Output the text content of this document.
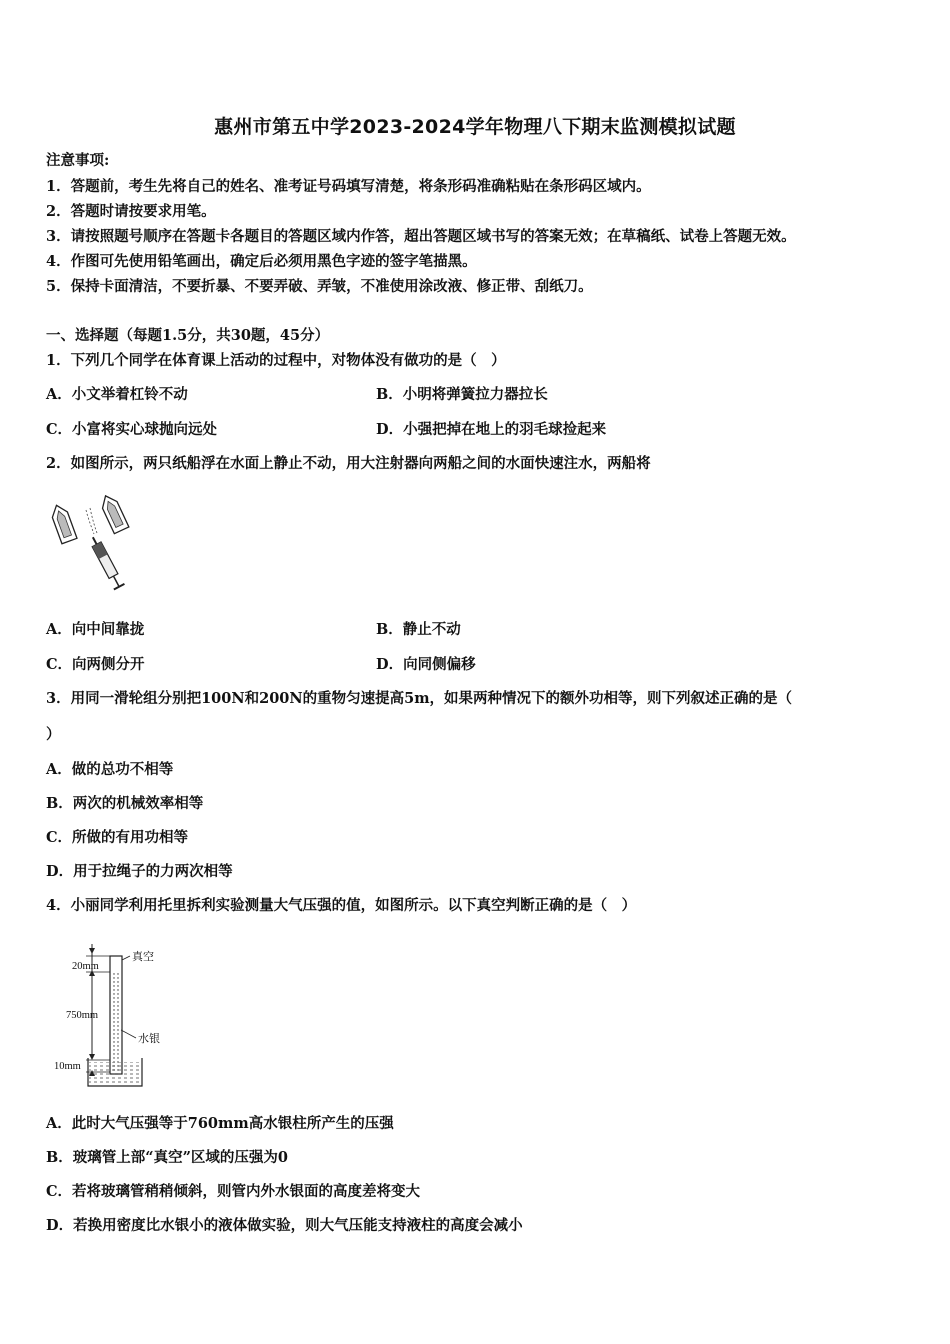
惠州市第五中学2023-2024学年物理八下期末监测模拟试题
注意事项:
1．答题前，考生先将自己的姓名、准考证号码填写清楚，将条形码准确粘贴在条形码区域内。
2．答题时请按要求用笔。
3．请按照题号顺序在答题卡各题目的答题区域内作答，超出答题区域书写的答案无效；在草稿纸、试卷上答题无效。
4．作图可先使用铅笔画出，确定后必须用黑色字迹的签字笔描黑。
5．保持卡面清洁，不要折暴、不要弄破、弄皱，不准使用涂改液、修正带、刮纸刀。
一、选择题（每题1.5分，共30题，45分）
1．下列几个同学在体育课上活动的过程中，对物体没有做功的是（　）
A．小文举着杠铃不动	B．小明将弹簧拉力器拉长
C．小富将实心球抛向远处	D．小强把掉在地上的羽毛球捡起来
2．如图所示，两只纸船浮在水面上静止不动，用大注射器向两船之间的水面快速注水，两船将
A．向中间靠拢	B．静止不动
C．向两侧分开	D．向同侧偏移
3．用同一滑轮组分别把100N和200N的重物匀速提高5m，如果两种情况下的额外功相等，则下列叙述正确的是（
）
A．做的总功不相等
B．两次的机械效率相等
C．所做的有用功相等
D．用于拉绳子的力两次相等
4．小丽同学利用托里拆利实验测量大气压强的值，如图所示。以下真空判断正确的是（　）
20mm
750mm
10mm
真空
水银
A．此时大气压强等于760mm高水银柱所产生的压强
B．玻璃管上部“真空”区域的压强为0
C．若将玻璃管稍稍倾斜，则管内外水银面的高度差将变大
D．若换用密度比水银小的液体做实验，则大气压能支持液柱的高度会减小
